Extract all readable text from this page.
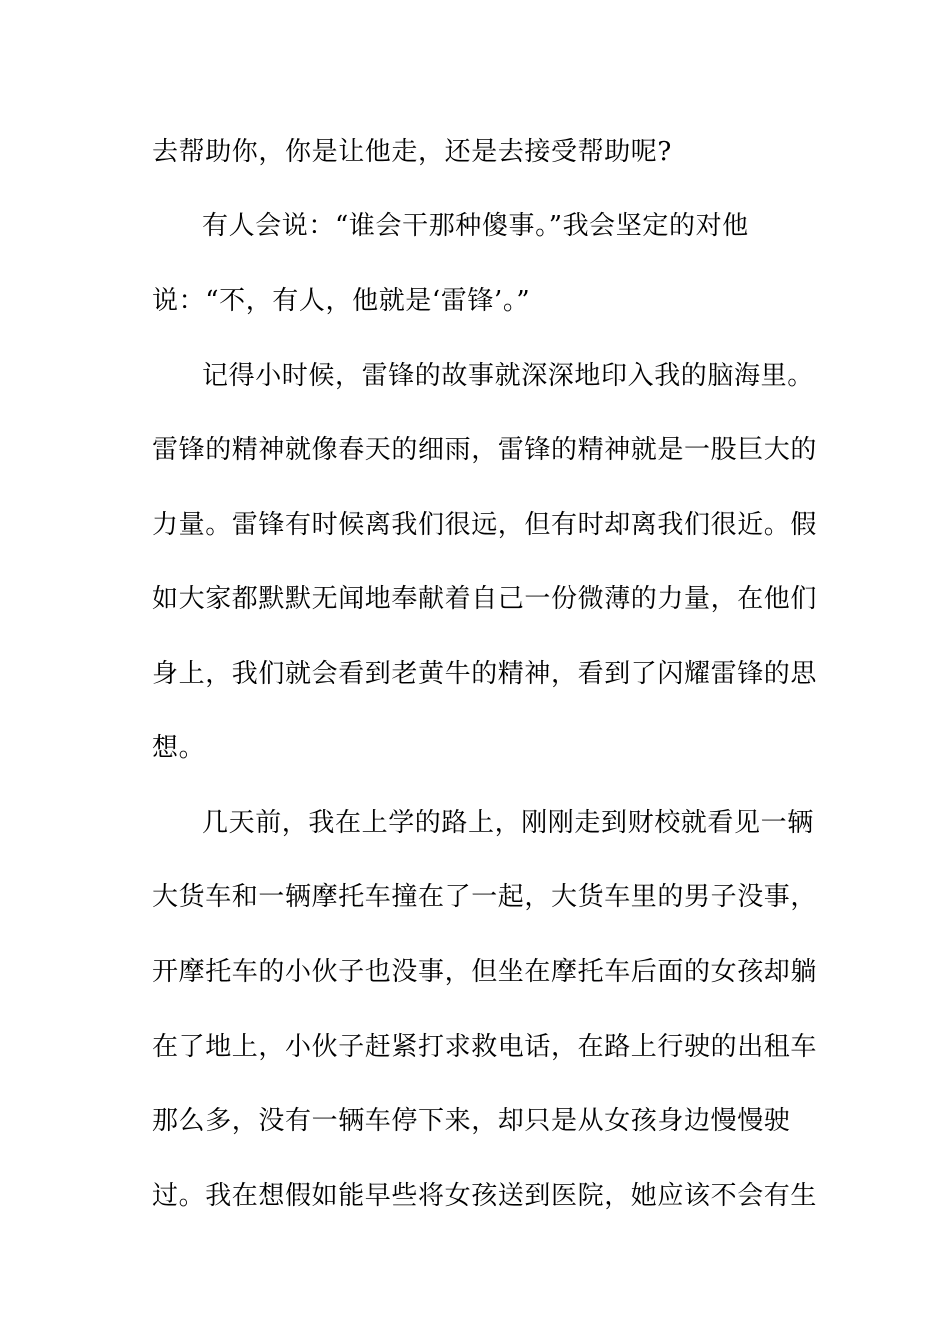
去帮助你，你是让他走，还是去接受帮助呢?
有人会说：“谁会干那种傻事。”我会坚定的对他
说：“不，有人，他就是‘雷锋’。”
记得小时候，雷锋的故事就深深地印入我的脑海里。
雷锋的精神就像春天的细雨，雷锋的精神就是一股巨大的
力量。雷锋有时候离我们很远，但有时却离我们很近。假
如大家都默默无闻地奉献着自己一份微薄的力量，在他们
身上，我们就会看到老黄牛的精神，看到了闪耀雷锋的思
想。
几天前，我在上学的路上，刚刚走到财校就看见一辆
大货车和一辆摩托车撞在了一起，大货车里的男子没事，
开摩托车的小伙子也没事，但坐在摩托车后面的女孩却躺
在了地上，小伙子赶紧打求救电话，在路上行驶的出租车
那么多，没有一辆车停下来，却只是从女孩身边慢慢驶
过。我在想假如能早些将女孩送到医院，她应该不会有生
